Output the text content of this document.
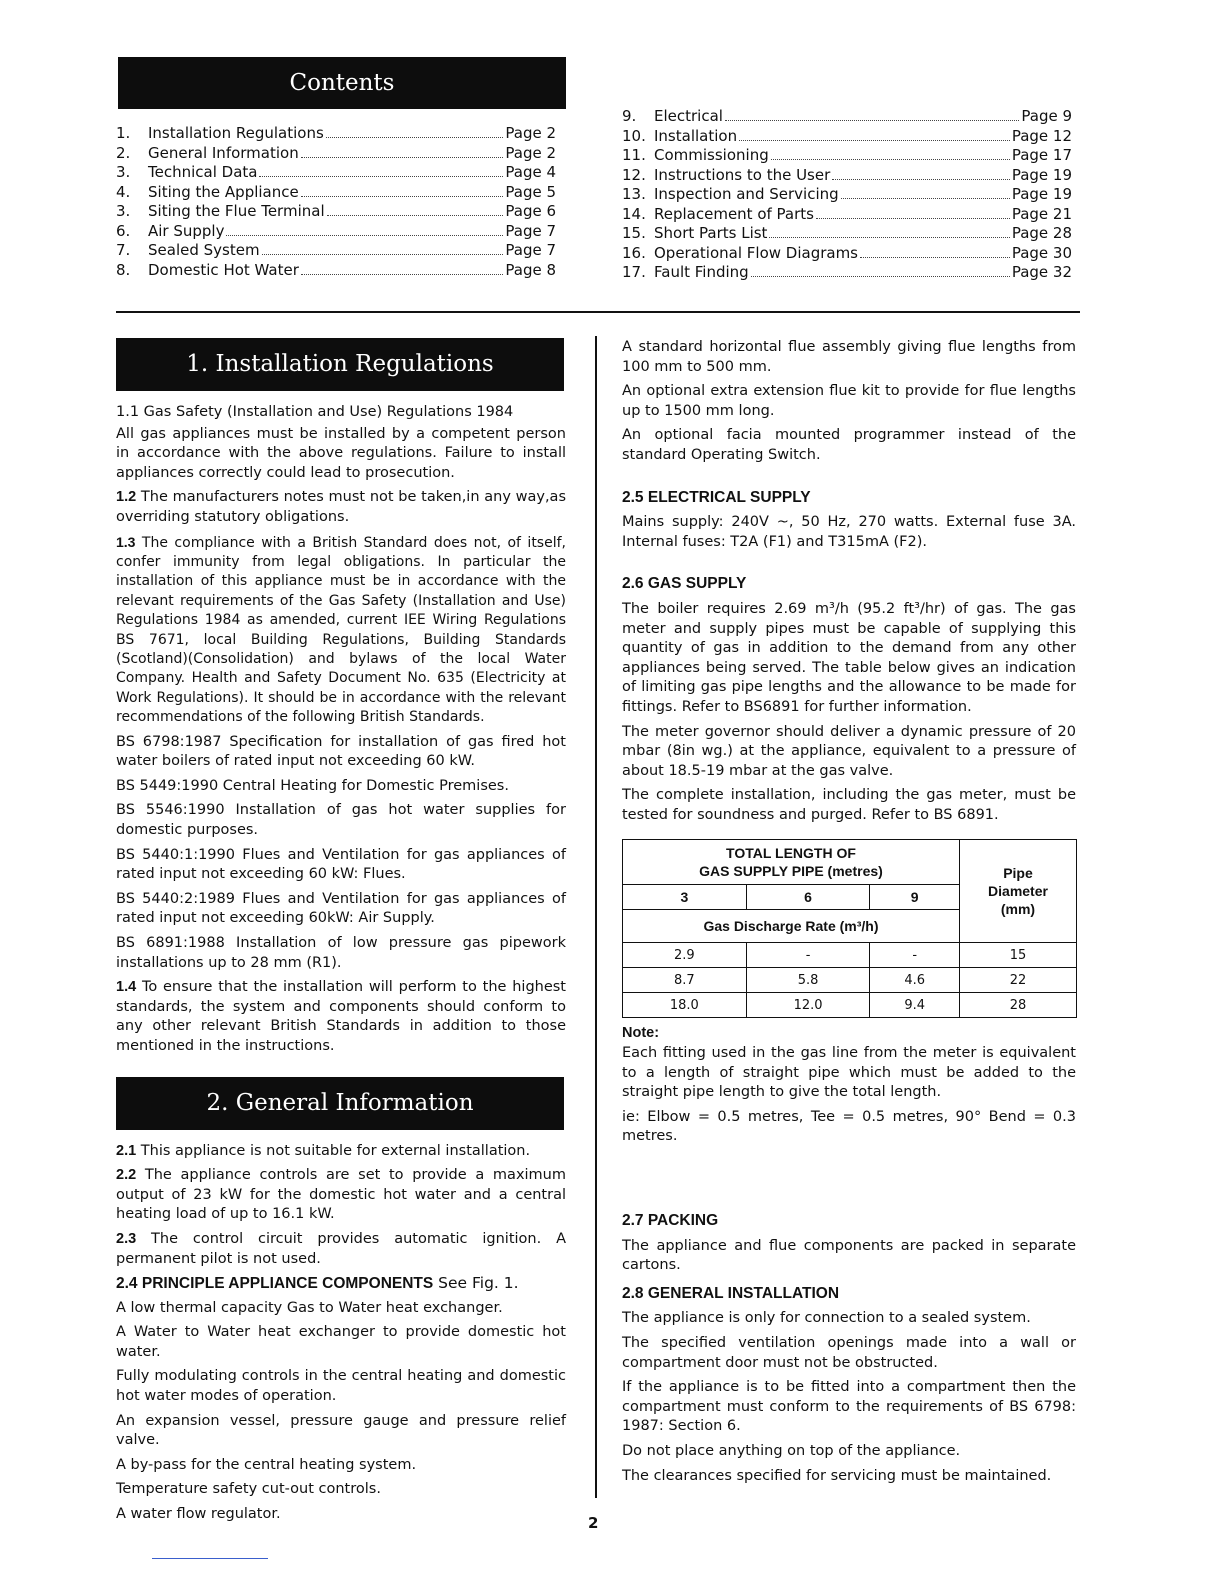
Contents
1.	Installation Regulations	Page 2
2.	General Information	Page 2
3.	Technical Data	Page 4
4.	Siting the Appliance	Page 5
3.	Siting the Flue Terminal	Page 6
6.	Air Supply	Page 7
7.	Sealed System	Page 7
8.	Domestic Hot Water	Page 8
9.	Electrical	Page 9
10. Installation	Page 12
11. Commissioning	Page 17
12. Instructions to the User	Page 19
13. Inspection and Servicing	Page 19
14. Replacement of Parts	Page 21
15. Short Parts List	Page 28
16. Operational Flow Diagrams	Page 30
17. Fault Finding	Page 32
1. Installation Regulations

1.1 Gas Safety (Installation and Use) Regulations 1984

All gas appliances must be installed by a competent person in accordance with the above regulations. Failure to install appliances correctly could lead to prosecution.

1.2 The manufacturers notes must not be taken,in any way,as overriding statutory obligations.

1.3 The compliance with a British Standard does not, of itself, confer immunity from legal obligations. In particular the installation of this appliance must be in accordance with the relevant requirements of the Gas Safety (Installation and Use) Regulations 1984 as amended, current IEE Wiring Regulations BS 7671, local Building Regulations, Building Standards (Scotland)(Consolidation) and bylaws of the local Water Company. Health and Safety Document No. 635 (Electricity at Work Regulations). It should be in accordance with the relevant recommendations of the following British Standards.

BS 6798:1987 Specification for installation of gas fired hot water boilers of rated input not exceeding 60 kW.

BS 5449:1990 Central Heating for Domestic Premises.

BS 5546:1990 Installation of gas hot water supplies for domestic purposes.

BS 5440:1:1990 Flues and Ventilation for gas appliances of rated input not exceeding 60 kW: Flues.

BS 5440:2:1989 Flues and Ventilation for gas appliances of rated input not exceeding 60kW: Air Supply.

BS 6891:1988 Installation of low pressure gas pipework installations up to 28 mm (R1).

1.4 To ensure that the installation will perform to the highest standards, the system and components should conform to any other relevant British Standards in addition to those mentioned in the instructions.

2. General Information

2.1 This appliance is not suitable for external installation.

2.2 The appliance controls are set to provide a maximum output of 23 kW for the domestic hot water and a central heating load of up to 16.1 kW.

2.3 The control circuit provides automatic ignition. A permanent pilot is not used.

2.4 PRINCIPLE APPLIANCE COMPONENTS See Fig. 1.

A low thermal capacity Gas to Water heat exchanger.

A Water to Water heat exchanger to provide domestic hot water.

Fully modulating controls in the central heating and domestic hot water modes of operation.

An expansion vessel, pressure gauge and pressure relief valve.

A by-pass for the central heating system.

Temperature safety cut-out controls.

A water flow regulator.

A standard horizontal flue assembly giving flue lengths from 100 mm to 500 mm.

An optional extra extension flue kit to provide for flue lengths up to 1500 mm long.

An optional facia mounted programmer instead of the standard Operating Switch.

2.5 ELECTRICAL SUPPLY

Mains supply: 240V ~, 50 Hz, 270 watts. External fuse 3A. Internal fuses: T2A (F1) and T315mA (F2).

2.6 GAS SUPPLY

The boiler requires 2.69 m³/h (95.2 ft³/hr) of gas. The gas meter and supply pipes must be capable of supplying this quantity of gas in addition to the demand from any other appliances being served. The table below gives an indication of limiting gas pipe lengths and the allowance to be made for fittings. Refer to BS6891 for further information.

The meter governor should deliver a dynamic pressure of 20 mbar (8in wg.) at the appliance, equivalent to a pressure of about 18.5-19 mbar at the gas valve.

The complete installation, including the gas meter, must be tested for soundness and purged. Refer to BS 6891.

TOTAL LENGTH OF
GAS SUPPLY PIPE (metres)			Pipe
Diameter
(mm)
3	6	9	
Gas Discharge Rate (m³/h)			
2.9	-	-	15
8.7	5.8	4.6	22
18.0	12.0	9.4	28

Note:

Each fitting used in the gas line from the meter is equivalent to a length of straight pipe which must be added to the straight pipe length to give the total length.

ie: Elbow = 0.5 metres, Tee = 0.5 metres, 90° Bend = 0.3 metres.

2.7 PACKING

The appliance and flue components are packed in separate cartons.

2.8 GENERAL INSTALLATION

The appliance is only for connection to a sealed system.

The specified ventilation openings made into a wall or compartment door must not be obstructed.

If the appliance is to be fitted into a compartment then the compartment must conform to the requirements of BS 6798: 1987: Section 6.

Do not place anything on top of the appliance.

The clearances specified for servicing must be maintained.

2
